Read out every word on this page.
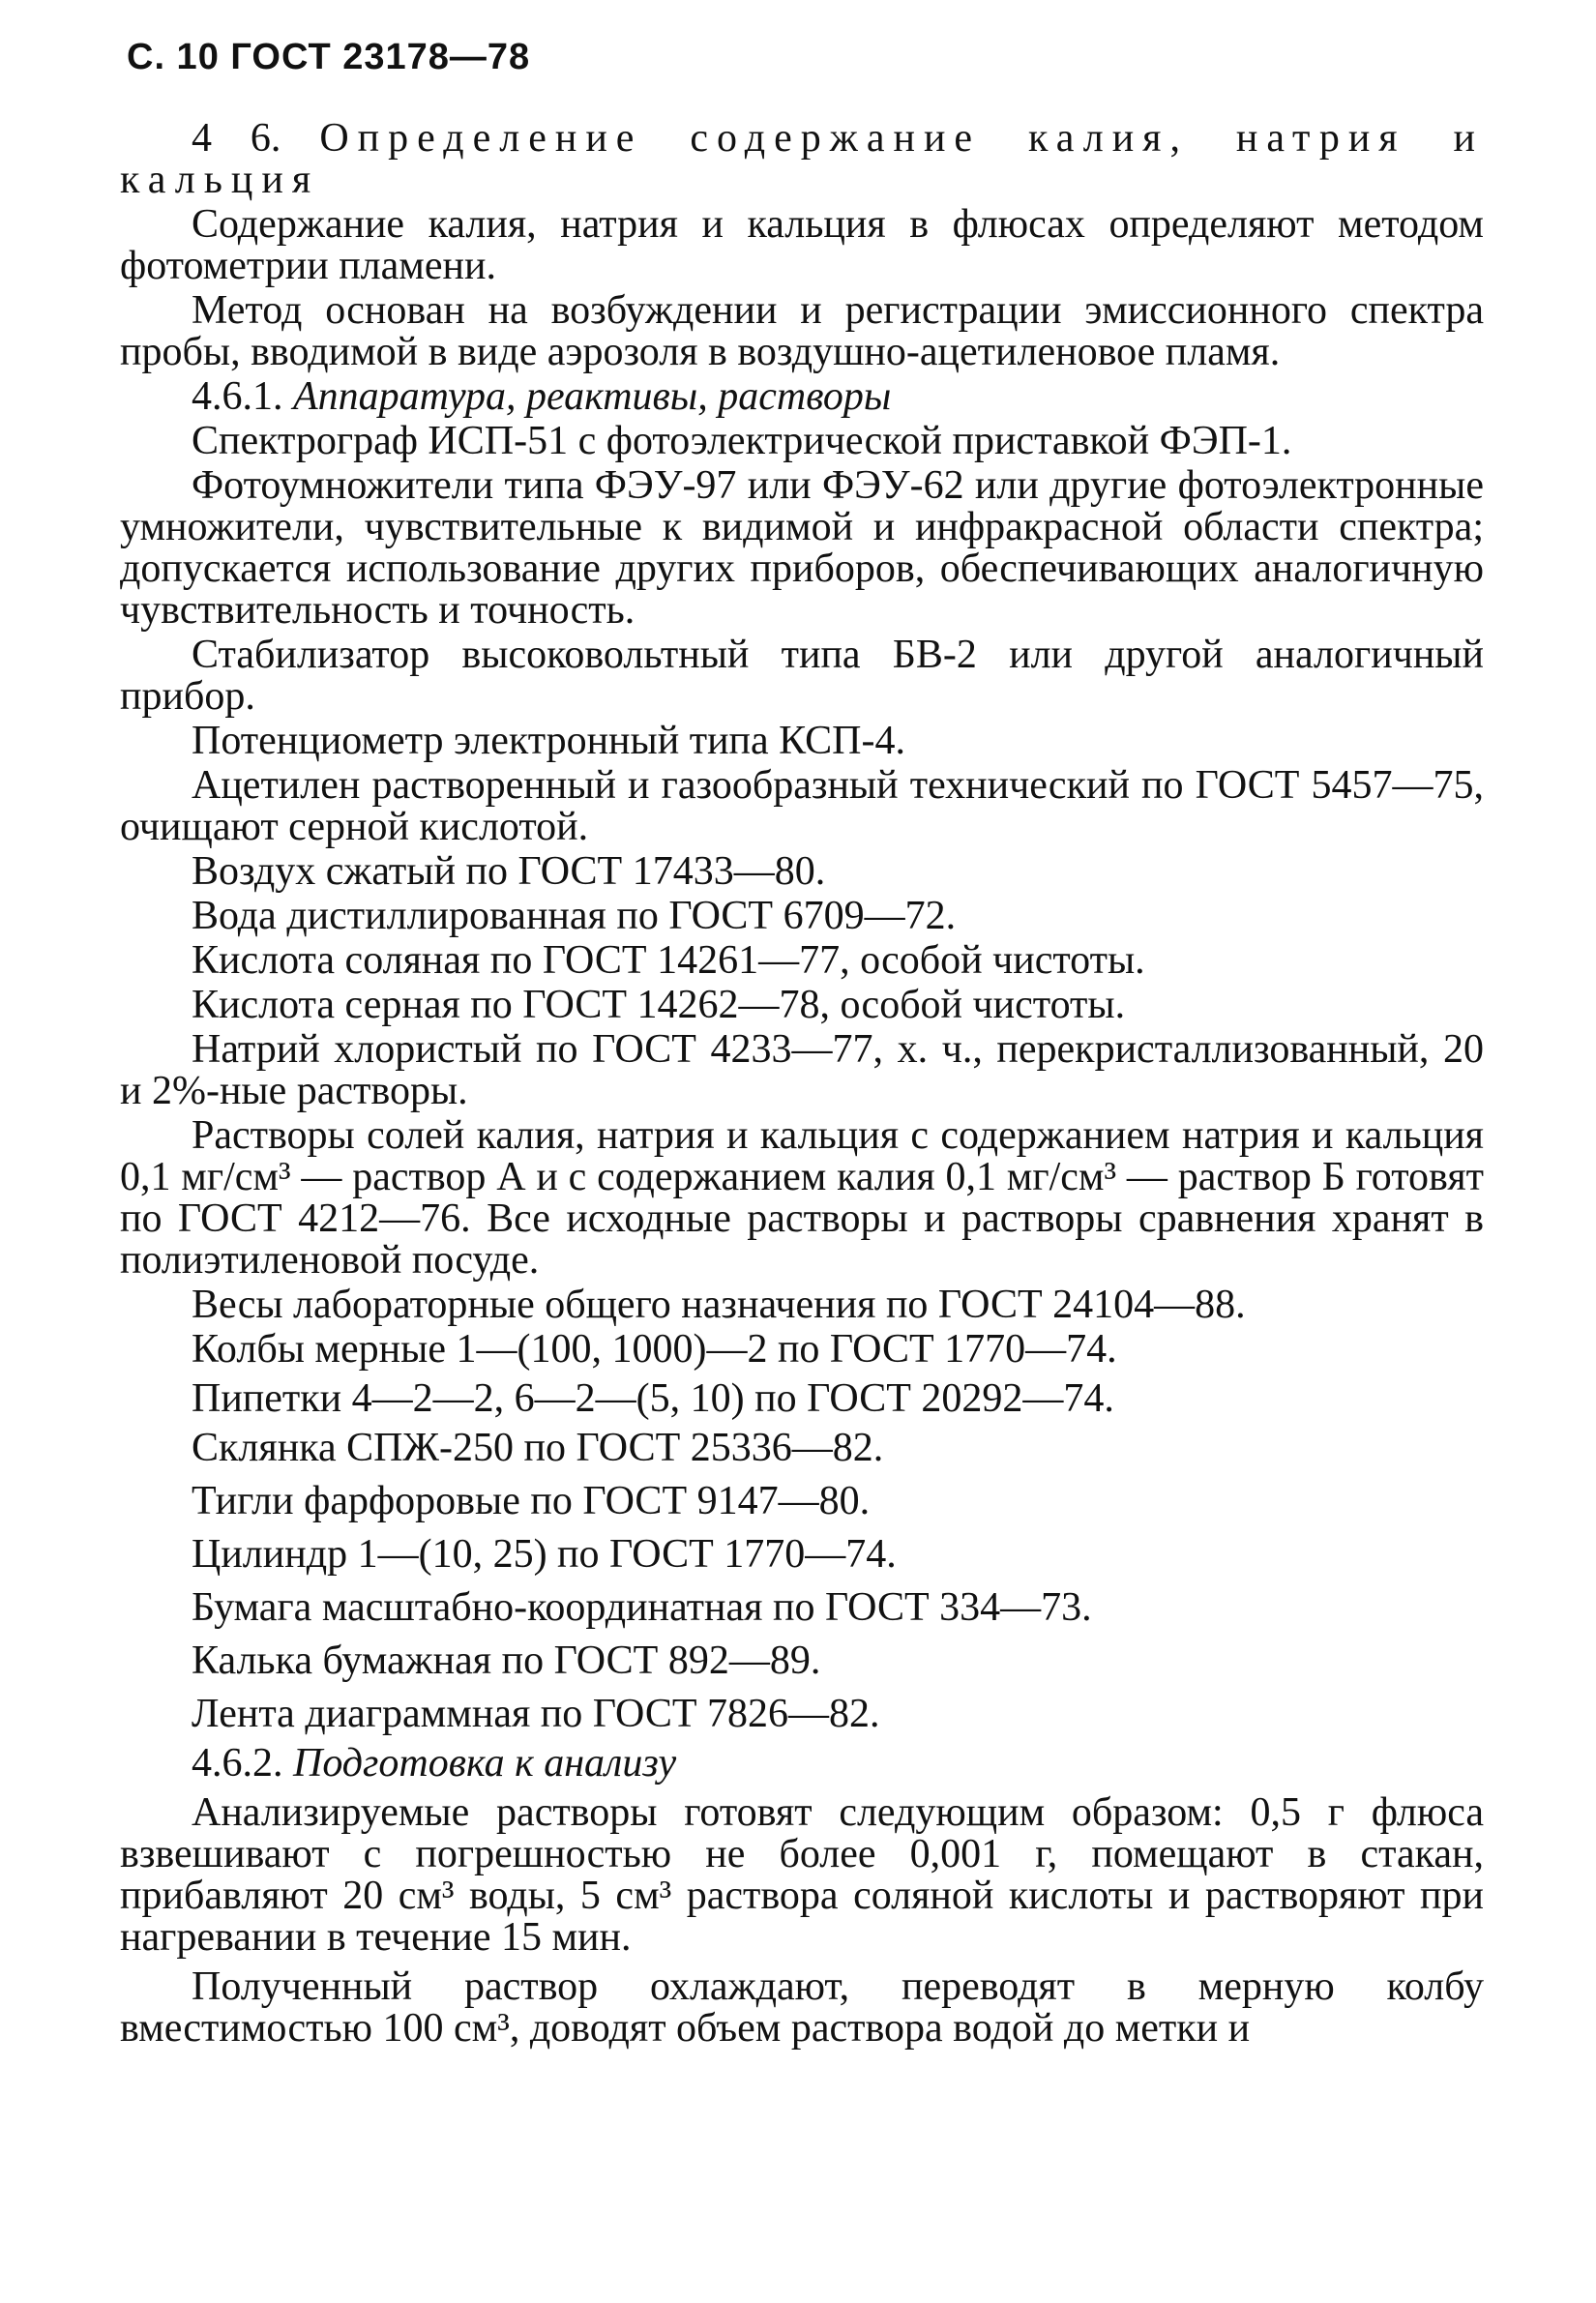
С. 10 ГОСТ 23178—78

4 6. Определение содержание калия, натрия и кальция

Содержание калия, натрия и кальция в флюсах определяют методом фотометрии пламени.

Метод основан на возбуждении и регистрации эмиссионного спектра пробы, вводимой в виде аэрозоля в воздушно-ацетиленовое пламя.

4.6.1. Аппаратура, реактивы, растворы

Спектрограф ИСП-51 с фотоэлектрической приставкой ФЭП-1.

Фотоумножители типа ФЭУ-97 или ФЭУ-62 или другие фотоэлектронные умножители, чувствительные к видимой и инфракрасной области спектра; допускается использование других приборов, обеспечивающих аналогичную чувствительность и точность.

Стабилизатор высоковольтный типа БВ-2 или другой аналогичный прибор.

Потенциометр электронный типа КСП-4.

Ацетилен растворенный и газообразный технический по ГОСТ 5457—75, очищают серной кислотой.

Воздух сжатый по ГОСТ 17433—80.

Вода дистиллированная по ГОСТ 6709—72.

Кислота соляная по ГОСТ 14261—77, особой чистоты.

Кислота серная по ГОСТ 14262—78, особой чистоты.

Натрий хлористый по ГОСТ 4233—77, х. ч., перекристаллизованный, 20 и 2%-ные растворы.

Растворы солей калия, натрия и кальция с содержанием натрия и кальция 0,1 мг/см³ — раствор А и с содержанием калия 0,1 мг/см³ — раствор Б готовят по ГОСТ 4212—76. Все исходные растворы и растворы сравнения хранят в полиэтиленовой посуде.

Весы лабораторные общего назначения по ГОСТ 24104—88.

Колбы мерные 1—(100, 1000)—2 по ГОСТ 1770—74.

Пипетки 4—2—2, 6—2—(5, 10) по ГОСТ 20292—74.

Склянка СПЖ-250 по ГОСТ 25336—82.

Тигли фарфоровые по ГОСТ 9147—80.

Цилиндр 1—(10, 25) по ГОСТ 1770—74.

Бумага масштабно-координатная по ГОСТ 334—73.

Калька бумажная по ГОСТ 892—89.

Лента диаграммная по ГОСТ 7826—82.

4.6.2. Подготовка к анализу

Анализируемые растворы готовят следующим образом: 0,5 г флюса взвешивают с погрешностью не более 0,001 г, помещают в стакан, прибавляют 20 см³ воды, 5 см³ раствора соляной кислоты и растворяют при нагревании в течение 15 мин.

Полученный раствор охлаждают, переводят в мерную колбу вместимостью 100 см³, доводят объем раствора водой до метки и
